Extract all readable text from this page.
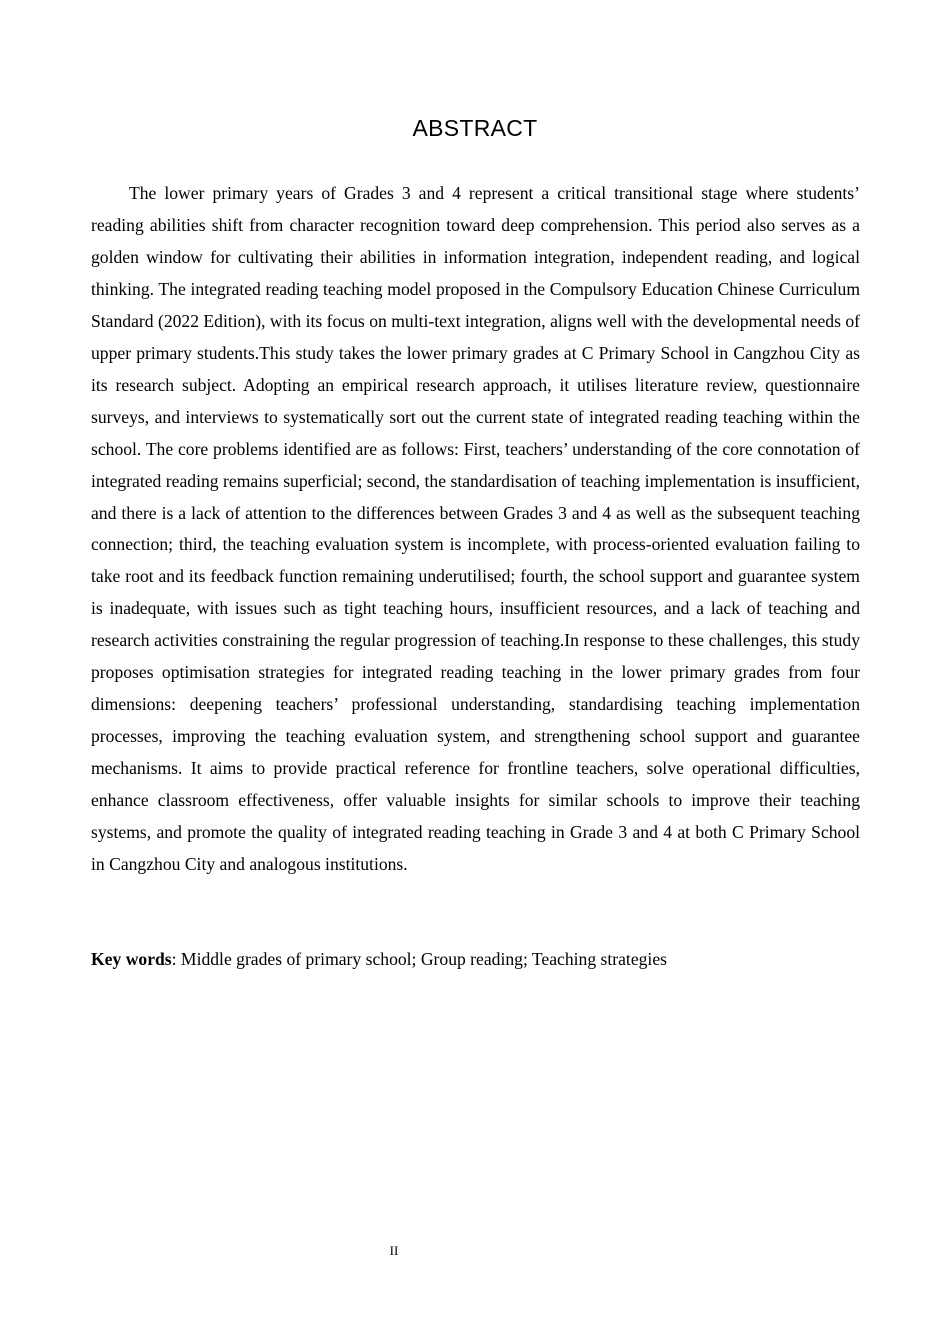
ABSTRACT

The lower primary years of Grades 3 and 4 represent a critical transitional stage where students’ reading abilities shift from character recognition toward deep comprehension. This period also serves as a golden window for cultivating their abilities in information integration, independent reading, and logical thinking. The integrated reading teaching model proposed in the Compulsory Education Chinese Curriculum Standard (2022 Edition), with its focus on multi-text integration, aligns well with the developmental needs of upper primary students.This study takes the lower primary grades at C Primary School in Cangzhou City as its research subject. Adopting an empirical research approach, it utilises literature review, questionnaire surveys, and interviews to systematically sort out the current state of integrated reading teaching within the school. The core problems identified are as follows: First, teachers’ understanding of the core connotation of integrated reading remains superficial; second, the standardisation of teaching implementation is insufficient, and there is a lack of attention to the differences between Grades 3 and 4 as well as the subsequent teaching connection; third, the teaching evaluation system is incomplete, with process-oriented evaluation failing to take root and its feedback function remaining underutilised; fourth, the school support and guarantee system is inadequate, with issues such as tight teaching hours, insufficient resources, and a lack of teaching and research activities constraining the regular progression of teaching.In response to these challenges, this study proposes optimisation strategies for integrated reading teaching in the lower primary grades from four dimensions: deepening teachers’ professional understanding, standardising teaching implementation processes, improving the teaching evaluation system, and strengthening school support and guarantee mechanisms. It aims to provide practical reference for frontline teachers, solve operational difficulties, enhance classroom effectiveness, offer valuable insights for similar schools to improve their teaching systems, and promote the quality of integrated reading teaching in Grade 3 and 4 at both C Primary School in Cangzhou City and analogous institutions.

Key words: Middle grades of primary school; Group reading; Teaching strategies

II
